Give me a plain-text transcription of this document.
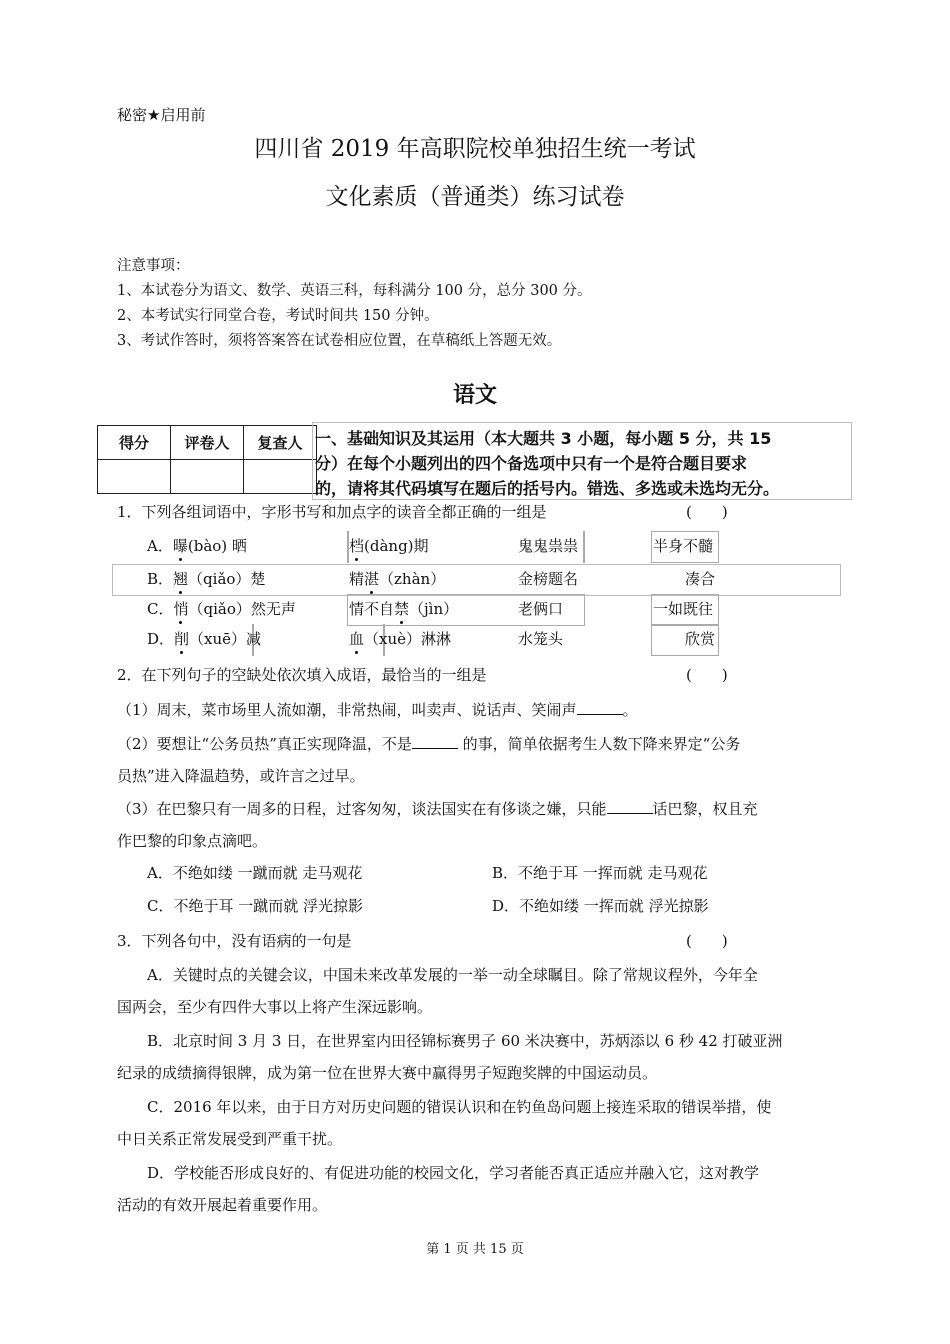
秘密★启用前
四川省 2019 年高职院校单独招生统一考试
文化素质（普通类）练习试卷
注意事项：
1、本试卷分为语文、数学、英语三科，每科满分 100 分，总分 300 分。
2、本考试实行同堂合卷，考试时间共 150 分钟。
3、考试作答时，须将答案答在试卷相应位置，在草稿纸上答题无效。
语文
得分	评卷人	复查人
		一、基础知识及其运用（本大题共 3 小题，每小题 5 分，共 15
分）在每个小题列出的四个备选项中只有一个是符合题目要求
的，请将其代码填写在题后的括号内。错选、多选或未选均无分。
1．下列各组词语中，字形书写和加点字的读音全都正确的一组是	(　　)
A．曝(bào) 晒	档(dàng)期	鬼鬼祟祟	半身不髓
B．翘（qiǎo）楚	精湛（zhàn）	金榜题名	凑合
C．悄（qiǎo）然无声	情不自禁（jìn）	老俩口	一如既往
D．削（xuē）减	血（xuè）淋淋	水笼头	欣赏
2．在下列句子的空缺处依次填入成语，最恰当的一组是	(　　)
（1）周末，菜市场里人流如潮，非常热闹，叫卖声、说话声、笑闹声	。
（2）要想让“公务员热”真正实现降温，不是	的事，简单依据考生人数下降来界定“公务
员热”进入降温趋势，或许言之过早。
（3）在巴黎只有一周多的日程，过客匆匆，谈法国实在有侈谈之嫌，只能	话巴黎，权且充
作巴黎的印象点滴吧。
A．不绝如缕 一蹴而就 走马观花	B．不绝于耳 一挥而就 走马观花
C．不绝于耳 一蹴而就 浮光掠影	D．不绝如缕 一挥而就 浮光掠影
3．下列各句中，没有语病的一句是	(　　)
A．关键时点的关键会议，中国未来改革发展的一举一动全球瞩目。除了常规议程外，今年全
国两会，至少有四件大事以上将产生深远影响。
B．北京时间 3 月 3 日，在世界室内田径锦标赛男子 60 米决赛中，苏炳添以 6 秒 42 打破亚洲
纪录的成绩摘得银牌，成为第一位在世界大赛中赢得男子短跑奖牌的中国运动员。
C．2016 年以来，由于日方对历史问题的错误认识和在钓鱼岛问题上接连采取的错误举措，使
中日关系正常发展受到严重干扰。
D．学校能否形成良好的、有促进功能的校园文化，学习者能否真正适应并融入它，这对教学
活动的有效开展起着重要作用。
第 1 页 共 15 页
